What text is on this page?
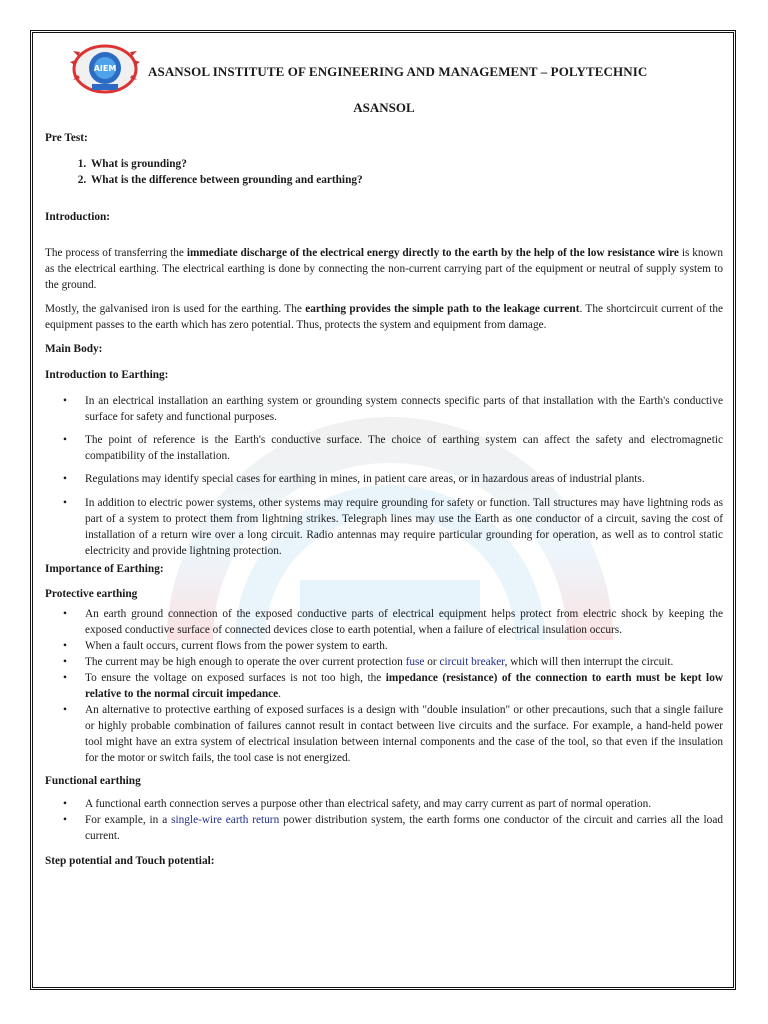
AIEM ASANSOL INSTITUTE OF ENGINEERING AND MANAGEMENT – POLYTECHNIC
ASANSOL

Pre Test:

1. What is grounding?
2. What is the difference between grounding and earthing?

Introduction:

The process of transferring the immediate discharge of the electrical energy directly to the earth by the help of the low resistance wire is known as the electrical earthing. The electrical earthing is done by connecting the non-current carrying part of the equipment or neutral of supply system to the ground.

Mostly, the galvanised iron is used for the earthing. The earthing provides the simple path to the leakage current. The shortcircuit current of the equipment passes to the earth which has zero potential. Thus, protects the system and equipment from damage.

Main Body:

Introduction to Earthing:

• In an electrical installation an earthing system or grounding system connects specific parts of that installation with the Earth's conductive surface for safety and functional purposes.
• The point of reference is the Earth's conductive surface. The choice of earthing system can affect the safety and electromagnetic compatibility of the installation.
• Regulations may identify special cases for earthing in mines, in patient care areas, or in hazardous areas of industrial plants.
• In addition to electric power systems, other systems may require grounding for safety or function. Tall structures may have lightning rods as part of a system to protect them from lightning strikes. Telegraph lines may use the Earth as one conductor of a circuit, saving the cost of installation of a return wire over a long circuit. Radio antennas may require particular grounding for operation, as well as to control static electricity and provide lightning protection.

Importance of Earthing:

Protective earthing

• An earth ground connection of the exposed conductive parts of electrical equipment helps protect from electric shock by keeping the exposed conductive surface of connected devices close to earth potential, when a failure of electrical insulation occurs.
• When a fault occurs, current flows from the power system to earth.
• The current may be high enough to operate the over current protection fuse or circuit breaker, which will then interrupt the circuit.
• To ensure the voltage on exposed surfaces is not too high, the impedance (resistance) of the connection to earth must be kept low relative to the normal circuit impedance.
• An alternative to protective earthing of exposed surfaces is a design with "double insulation" or other precautions, such that a single failure or highly probable combination of failures cannot result in contact between live circuits and the surface. For example, a hand-held power tool might have an extra system of electrical insulation between internal components and the case of the tool, so that even if the insulation for the motor or switch fails, the tool case is not energized.

Functional earthing

• A functional earth connection serves a purpose other than electrical safety, and may carry current as part of normal operation.
• For example, in a single-wire earth return power distribution system, the earth forms one conductor of the circuit and carries all the load current.

Step potential and Touch potential:
